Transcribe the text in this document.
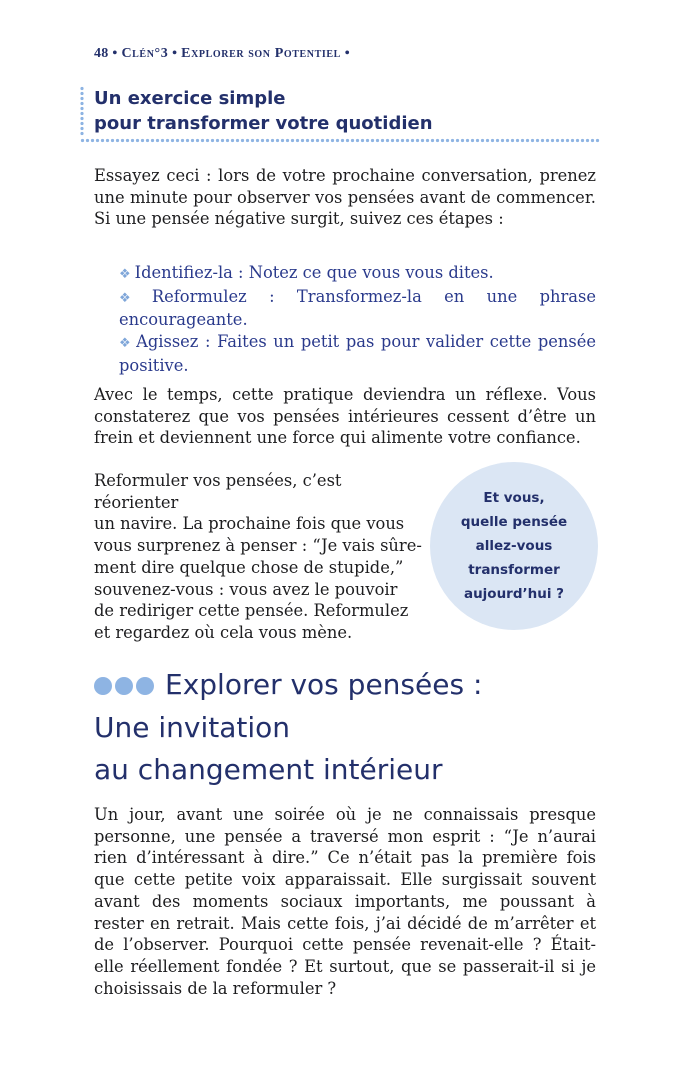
48 • Clén°3 • Explorer son Potentiel •
Un exercice simple
pour transformer votre quotidien
Essayez ceci : lors de votre prochaine conversation, prenez une minute pour observer vos pensées avant de commencer. Si une pensée négative surgit, suivez ces étapes :

❖ Identifiez-la : Notez ce que vous vous dites.

❖ Reformulez : Transformez-la en une phrase encourageante.

❖ Agissez : Faites un petit pas pour valider cette pensée positive.

Avec le temps, cette pratique deviendra un réflexe. Vous constaterez que vos pensées intérieures cessent d’être un frein et deviennent une force qui alimente votre confiance.
Reformuler vos pensées, c’est réorienter
un navire. La prochaine fois que vous
vous surprenez à penser : “Je vais sûre-
ment dire quelque chose de stupide,”
souvenez-vous : vous avez le pouvoir
de rediriger cette pensée. Reformulez
et regardez où cela vous mène.
Et vous,
quelle pensée
allez-vous
transformer
aujourd’hui ?
Explorer vos pensées :
Une invitation
au changement intérieur
Un jour, avant une soirée où je ne connaissais presque personne, une pensée a traversé mon esprit : “Je n’aurai rien d’intéressant à dire.” Ce n’était pas la première fois que cette petite voix apparaissait. Elle surgissait souvent avant des moments sociaux importants, me poussant à rester en retrait. Mais cette fois, j’ai décidé de m’arrêter et de l’observer. Pourquoi cette pensée revenait-elle ? Était-elle réellement fondée ? Et surtout, que se passerait-il si je choisissais de la reformuler ?
